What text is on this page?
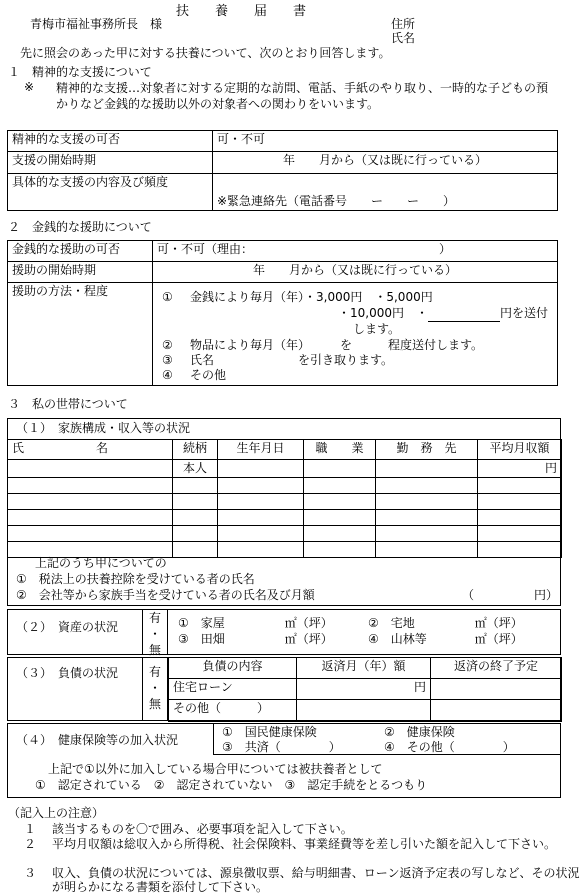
扶　　養　　届　　書
青梅市福祉事務所長　様	住所
氏名
先に照会のあった甲に対する扶養について、次のとおり回答します。
１　精神的な支援について
※ 精神的な支援…対象者に対する定期的な訪問、電話、手紙のやり取り、一時的な子どもの預かりなど金銭的な援助以外の対象者への関わりをいいます。
精神的な支援の可否	可・不可
支援の開始時期	年　　月から（又は既に行っている）
具体的な支援の内容及び頻度	※緊急連絡先（電話番号　　ー　　ー　　）
２　金銭的な援助について
金銭的な援助の可否	可・不可（理由：　　　　　　　　　　　　　　　　）
援助の開始時期	年　　月から（又は既に行っている）
援助の方法・程度		① 金銭により毎月（年）・3,000円　・5,000円
・10,000円　・	円を送付
します。
② 物品により毎月（年）　　　を　　　程度送付します。
③ 氏名　　　　　　　を引き取ります。
④ その他
３　私の世帯について
（１）　家族構成・収入等の状況
氏　　　　　　名	続柄	生年月日	職　　業	勤　務　先	平均月収額
	本人				円

上記のうち甲についての
①　税法上の扶養控除を受けている者の氏名
②　会社等から家族手当を受けている者の氏名及び月額	（　　　　　円）
（２）　資産の状況
有
・
無
①　家屋　　　　　㎡（坪）	②　宅地　　　　　㎡（坪）
③　田畑　　　　　㎡（坪）	④　山林等　　　　㎡（坪）
（３）　負債の状況	有
・
無
負債の内容	返済月（年）額	返済の終了予定
住宅ローン	円	
その他（　　　）		
（４）　健康保険等の加入状況
①　国民健康保険	②　健康保険
③　共済（　　　　）	④　その他（　　　　）
上記で①以外に加入している場合甲については被扶養者として
①　認定されている　②　認定されていない　③　認定手続をとるつもり
（記入上の注意）
１ 該当するものを〇で囲み、必要事項を記入して下さい。
２ 平均月収額は総収入から所得税、社会保険料、事業経費等を差し引いた額を記入して下さい。
３ 収入、負債の状況については、源泉徴収票、給与明細書、ローン返済予定表の写しなど、その状況が明らかになる書類を添付して下さい。
